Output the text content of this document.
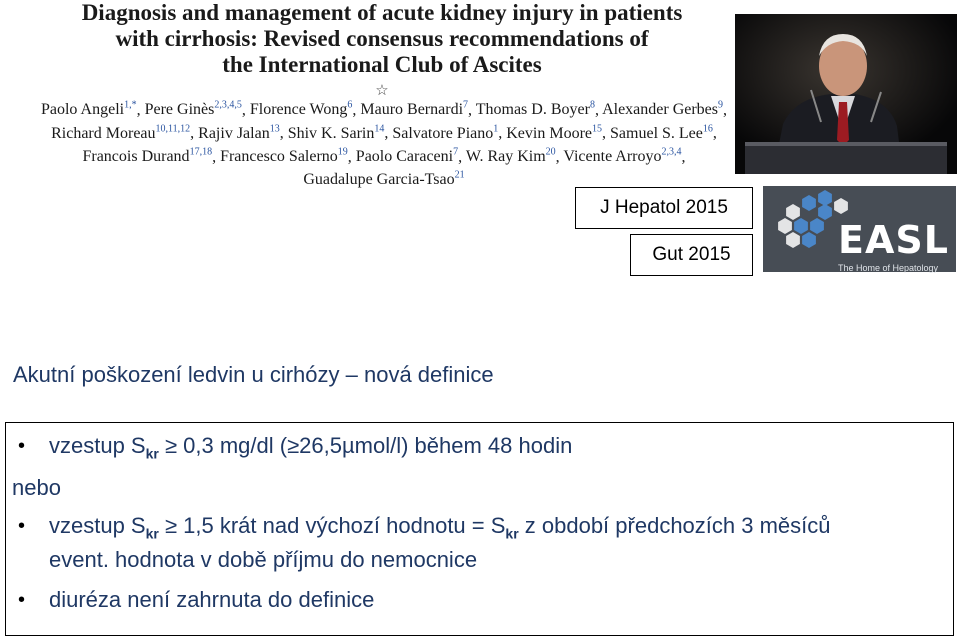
Diagnosis and management of acute kidney injury in patients
with cirrhosis: Revised consensus recommendations of
the International Club of Ascites
☆
Paolo Angeli$^{1,*}$, Pere Ginès$^{2,3,4,5}$, Florence Wong$^6$, Mauro Bernardi$^7$, Thomas D. Boyer$^8$, Alexander Gerbes$^9$, Richard Moreau$^{10,11,12}$, Rajiv Jalan$^{13}$, Shiv K. Sarin$^{14}$, Salvatore Piano$^1$, Kevin Moore$^{15}$, Samuel S. Lee$^{16}$, Francois Durand$^{17,18}$, Francesco Salerno$^{19}$, Paolo Caraceni$^7$, W. Ray Kim$^{20}$, Vicente Arroyo$^{2,3,4}$, Guadalupe Garcia-Tsao$^{21}$
J Hepatol 2015
Gut 2015	EASL
The Home of Hepatology
Akutní poškození ledvin u cirhózy – nová definice
• vzestup $S_{kr} \ge 0,3$ mg/dl (≥26,5µmol/l) během 48 hodin
nebo
• vzestup $S_{kr} \ge 1,5$ krát nad výchozí hodnotu = $S_{kr}$ z období předchozích 3 měsíců
event. hodnota v době příjmu do nemocnice
• diuréza není zahrnuta do definice
